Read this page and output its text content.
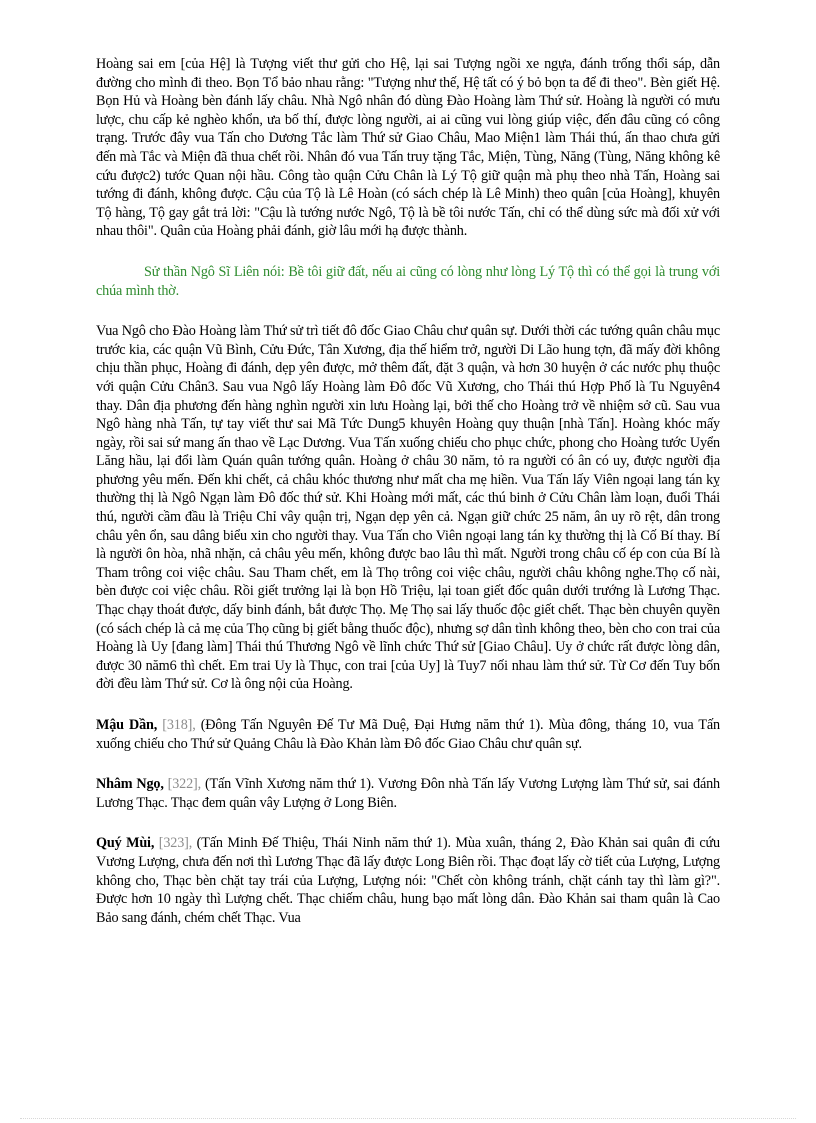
Hoàng sai em [của Hệ] là Tượng viết thư gửi cho Hệ, lại sai Tượng ngồi xe ngựa, đánh trống thổi sáp, dẫn đường cho mình đi theo. Bọn Tổ bảo nhau rằng: "Tượng như thế, Hệ tất có ý bỏ bọn ta để đi theo". Bèn giết Hệ. Bọn Hủ và Hoàng bèn đánh lấy châu. Nhà Ngô nhân đó dùng Đào Hoàng làm Thứ sử. Hoàng là người có mưu lược, chu cấp kẻ nghèo khổn, ưa bố thí, được lòng người, ai ai cũng vui lòng giúp việc, đến đâu cũng có công trạng. Trước đây vua Tấn cho Dương Tắc làm Thứ sử Giao Châu, Mao Miện1 làm Thái thú, ấn thao chưa gửi đến mà Tắc và Miện đã thua chết rồi. Nhân đó vua Tấn truy tặng Tắc, Miện, Tùng, Năng (Tùng, Năng không kê cứu được2) tước Quan nội hầu. Công tào quận Cửu Chân là Lý Tộ giữ quận mà phụ theo nhà Tấn, Hoàng sai tướng đi đánh, không được. Cậu của Tộ là Lê Hoàn (có sách chép là Lê Minh) theo quân [của Hoàng], khuyên Tộ hàng, Tộ gay gắt trả lời: "Cậu là tướng nước Ngô, Tộ là bề tôi nước Tấn, chỉ có thể dùng sức mà đối xử với nhau thôi". Quân của Hoàng phải đánh, giờ lâu mới hạ được thành.

Sử thần Ngô Sĩ Liên nói: Bề tôi giữ đất, nếu ai cũng có lòng như lòng Lý Tộ thì có thể gọi là trung với chúa mình thờ.

Vua Ngô cho Đào Hoàng làm Thứ sử trì tiết đô đốc Giao Châu chư quân sự. Dưới thời các tướng quân châu mục trước kia, các quận Vũ Bình, Cửu Đức, Tân Xương, địa thế hiểm trở, người Di Lão hung tợn, đã mấy đời không chịu thần phục, Hoàng đi đánh, dẹp yên được, mở thêm đất, đặt 3 quận, và hơn 30 huyện ở các nước phụ thuộc với quận Cửu Chân3. Sau vua Ngô lấy Hoàng làm Đô đốc Vũ Xương, cho Thái thú Hợp Phố là Tu Nguyên4 thay. Dân địa phương đến hàng nghìn người xin lưu Hoàng lại, bởi thế cho Hoàng trở về nhiệm sở cũ. Sau vua Ngô hàng nhà Tấn, tự tay viết thư sai Mã Tức Dung5 khuyên Hoàng quy thuận [nhà Tấn]. Hoàng khóc mấy ngày, rồi sai sứ mang ấn thao về Lạc Dương. Vua Tấn xuống chiếu cho phục chức, phong cho Hoàng tước Uyển Lăng hầu, lại đổi làm Quán quân tướng quân. Hoàng ở châu 30 năm, tỏ ra người có ân có uy, được người địa phương yêu mến. Đến khi chết, cả châu khóc thương như mất cha mẹ hiền. Vua Tấn lấy Viên ngoại lang tán kỵ thường thị là Ngô Ngạn làm Đô đốc thứ sử. Khi Hoàng mới mất, các thú binh ở Cửu Chân làm loạn, đuổi Thái thú, người cầm đầu là Triệu Chỉ vây quận trị, Ngạn dẹp yên cả. Ngạn giữ chức 25 năm, ân uy rõ rệt, dân trong châu yên ổn, sau dâng biểu xin cho người thay. Vua Tấn cho Viên ngoại lang tán kỵ thường thị là Cố Bí thay. Bí là người ôn hòa, nhã nhặn, cả châu yêu mến, không được bao lâu thì mất. Người trong châu cố ép con của Bí là Tham trông coi việc châu. Sau Tham chết, em là Thọ trông coi việc châu, người châu không nghe.Thọ cố nài, bèn được coi việc châu. Rồi giết trưởng lại là bọn Hồ Triệu, lại toan giết đốc quân dưới trướng là Lương Thạc. Thạc chạy thoát được, dấy binh đánh, bắt được Thọ. Mẹ Thọ sai lấy thuốc độc giết chết. Thạc bèn chuyên quyền (có sách chép là cả mẹ của Thọ cũng bị giết bằng thuốc độc), nhưng sợ dân tình không theo, bèn cho con trai của Hoàng là Uy [đang làm] Thái thú Thương Ngô về lĩnh chức Thứ sử [Giao Châu]. Uy ở chức rất được lòng dân, được 30 năm6 thì chết. Em trai Uy là Thục, con trai [của Uy] là Tuy7 nối nhau làm thứ sử. Từ Cơ đến Tuy bốn đời đều làm Thứ sử. Cơ là ông nội của Hoàng.

Mậu Dần, [318], (Đông Tấn Nguyên Đế Tư Mã Duệ, Đại Hưng năm thứ 1). Mùa đông, tháng 10, vua Tấn xuống chiếu cho Thứ sử Quảng Châu là Đào Khản làm Đô đốc Giao Châu chư quân sự.

Nhâm Ngọ, [322], (Tấn Vĩnh Xương năm thứ 1). Vương Đôn nhà Tấn lấy Vương Lượng làm Thứ sử, sai đánh Lương Thạc. Thạc đem quân vây Lượng ở Long Biên.

Quý Mùi, [323], (Tấn Minh Đế Thiệu, Thái Ninh năm thứ 1). Mùa xuân, tháng 2, Đào Khản sai quân đi cứu Vương Lượng, chưa đến nơi thì Lương Thạc đã lấy được Long Biên rồi. Thạc đoạt lấy cờ tiết của Lượng, Lượng không cho, Thạc bèn chặt tay trái của Lượng, Lượng nói: "Chết còn không tránh, chặt cánh tay thì làm gì?". Được hơn 10 ngày thì Lượng chết. Thạc chiếm châu, hung bạo mất lòng dân. Đào Khản sai tham quân là Cao Bảo sang đánh, chém chết Thạc. Vua
